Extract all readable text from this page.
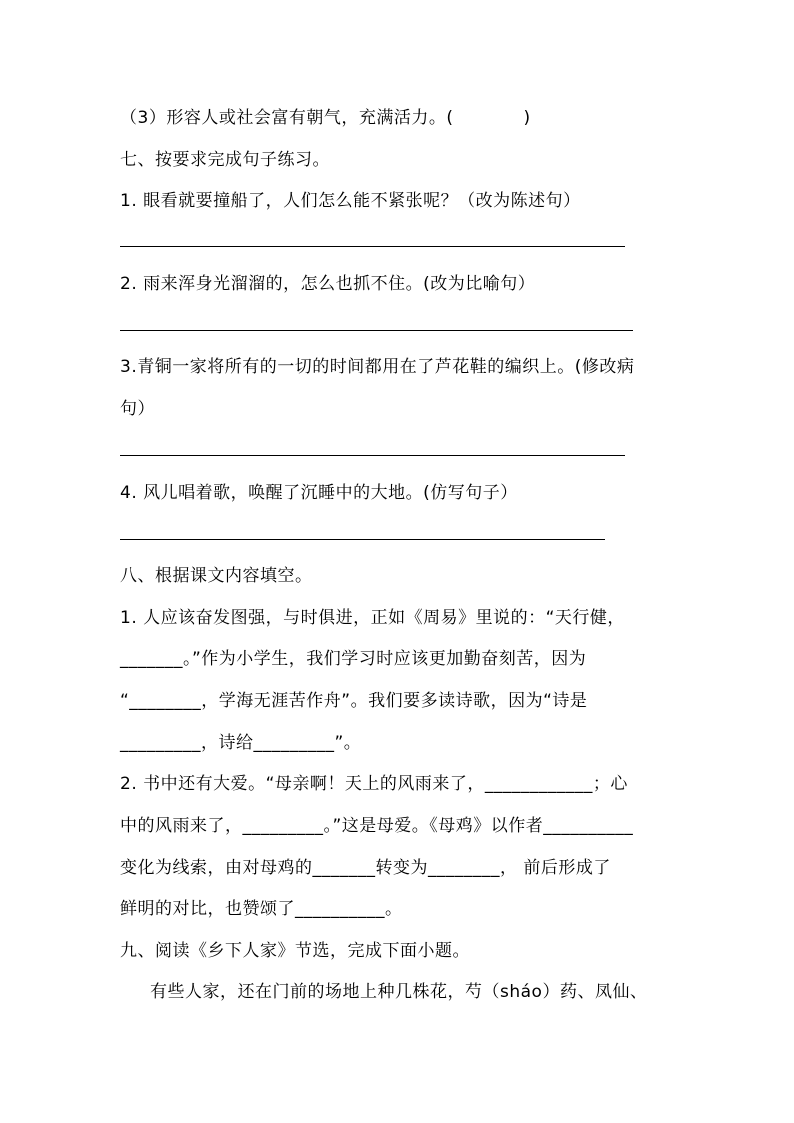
（3）形容人或社会富有朝气，充满活力。(　　　　)
七、按要求完成句子练习。
1. 眼看就要撞船了，人们怎么能不紧张呢？（改为陈述句）
2. 雨来浑身光溜溜的，怎么也抓不住。(改为比喻句）
3.青铜一家将所有的一切的时间都用在了芦花鞋的编织上。(修改病
句）
4. 风儿唱着歌，唤醒了沉睡中的大地。(仿写句子）
八、根据课文内容填空。
1. 人应该奋发图强，与时俱进，正如《周易》里说的：“天行健，
_______。”作为小学生，我们学习时应该更加勤奋刻苦，因为
“________，学海无涯苦作舟”。我们要多读诗歌，因为“诗是
_________，诗给_________”。
2. 书中还有大爱。“母亲啊！天上的风雨来了，____________；心
中的风雨来了，_________。”这是母爱。《母鸡》以作者__________
变化为线索，由对母鸡的_______转变为________， 前后形成了
鲜明的对比，也赞颂了__________。
九、阅读《乡下人家》节选，完成下面小题。
有些人家，还在门前的场地上种几株花，芍（sháo）药、凤仙、
